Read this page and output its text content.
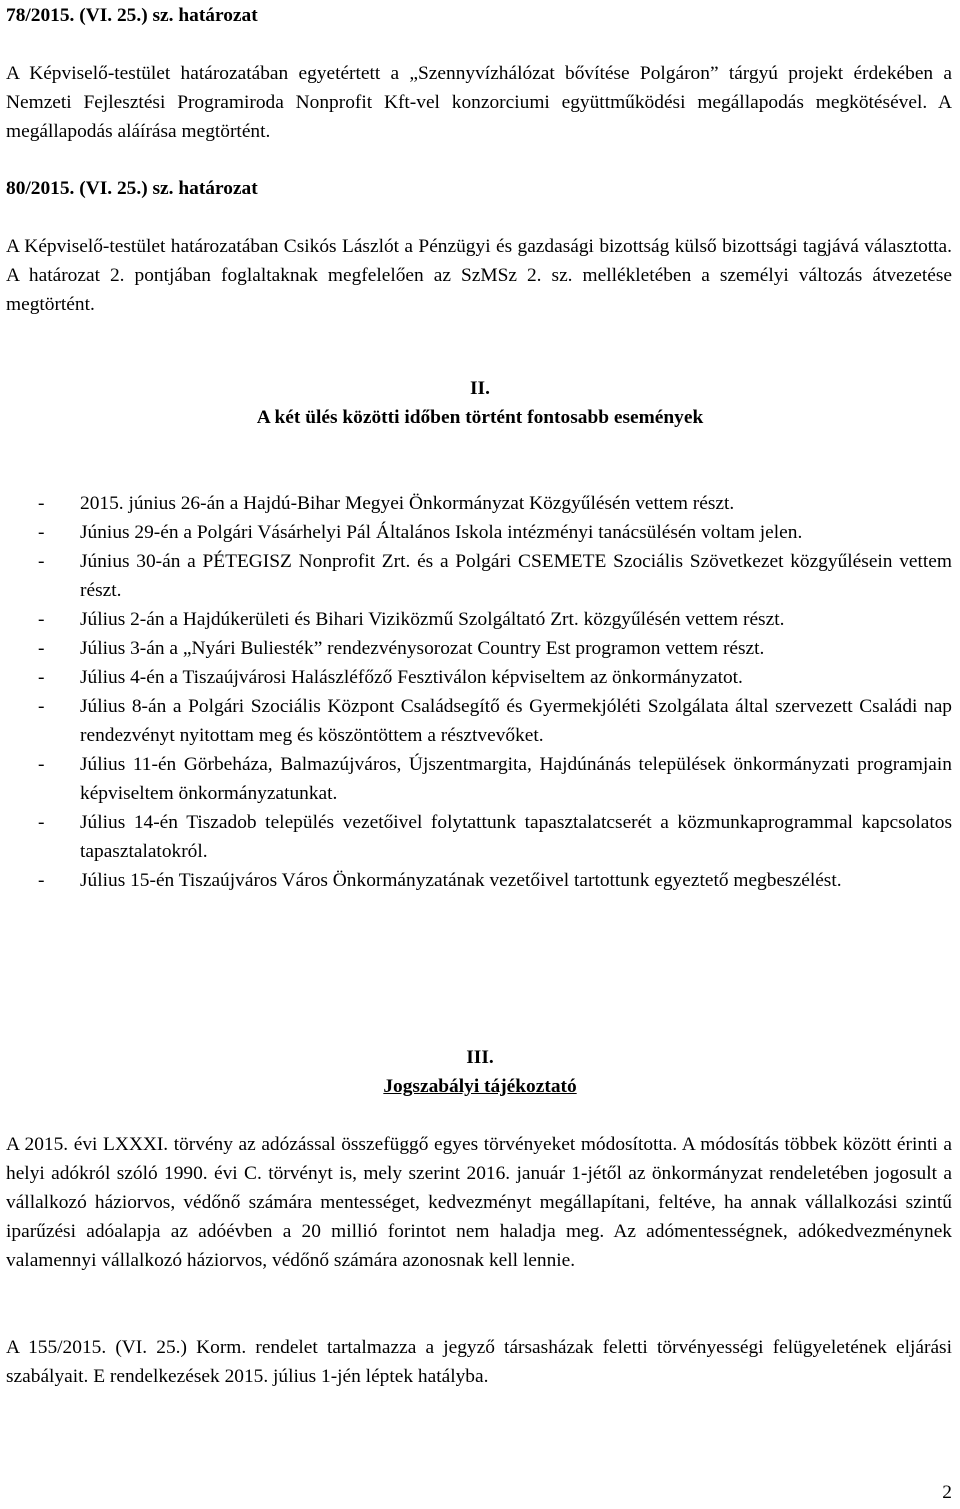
78/2015. (VI. 25.) sz. határozat

A Képviselő-testület határozatában egyetértett a „Szennyvízhálózat bővítése Polgáron” tárgyú projekt érdekében a Nemzeti Fejlesztési Programiroda Nonprofit Kft-vel konzorciumi együttműködési megállapodás megkötésével. A megállapodás aláírása megtörtént.

80/2015. (VI. 25.) sz. határozat

A Képviselő-testület határozatában Csikós Lászlót a Pénzügyi és gazdasági bizottság külső bizottsági tagjává választotta. A határozat 2. pontjában foglaltaknak megfelelően az SzMSz 2. sz. mellékletében a személyi változás átvezetése megtörtént.

II.

A két ülés közötti időben történt fontosabb események

- 2015. június 26-án a Hajdú-Bihar Megyei Önkormányzat Közgyűlésén vettem részt.
- Június 29-én a Polgári Vásárhelyi Pál Általános Iskola intézményi tanácsülésén voltam jelen.
- Június 30-án a PÉTEGISZ Nonprofit Zrt. és a Polgári CSEMETE Szociális Szövetkezet közgyűlésein vettem részt.
- Július 2-án a Hajdúkerületi és Bihari Viziközmű Szolgáltató Zrt. közgyűlésén vettem részt.
- Július 3-án a „Nyári Buliesték” rendezvénysorozat Country Est programon vettem részt.
- Július 4-én a Tiszaújvárosi Halászléfőző Fesztiválon képviseltem az önkormányzatot.
- Július 8-án a Polgári Szociális Központ Családsegítő és Gyermekjóléti Szolgálata által szervezett Családi nap rendezvényt nyitottam meg és köszöntöttem a résztvevőket.
- Július 11-én Görbeháza, Balmazújváros, Újszentmargita, Hajdúnánás települések önkormányzati programjain képviseltem önkormányzatunkat.
- Július 14-én Tiszadob település vezetőivel folytattunk tapasztalatcserét a közmunkaprogrammal kapcsolatos tapasztalatokról.
- Július 15-én Tiszaújváros Város Önkormányzatának vezetőivel tartottunk egyeztető megbeszélést.

III.

Jogszabályi tájékoztató

A 2015. évi LXXXI. törvény az adózással összefüggő egyes törvényeket módosította. A módosítás többek között érinti a helyi adókról szóló 1990. évi C. törvényt is, mely szerint 2016. január 1-jétől az önkormányzat rendeletében jogosult a vállalkozó háziorvos, védőnő számára mentességet, kedvezményt megállapítani, feltéve, ha annak vállalkozási szintű iparűzési adóalapja az adóévben a 20 millió forintot nem haladja meg. Az adómentességnek, adókedvezménynek valamennyi vállalkozó háziorvos, védőnő számára azonosnak kell lennie.

A 155/2015. (VI. 25.) Korm. rendelet tartalmazza a jegyző társasházak feletti törvényességi felügyeletének eljárási szabályait. E rendelkezések 2015. július 1-jén léptek hatályba.

2
